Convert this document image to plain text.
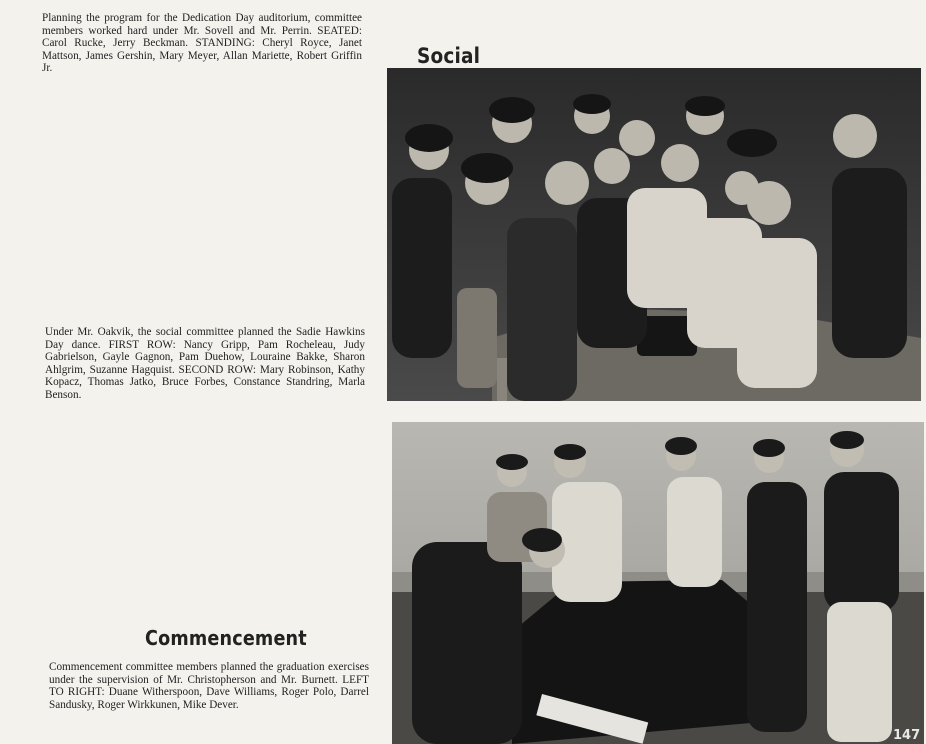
Planning the program for the Dedication Day auditorium, committee members worked hard under Mr. Sovell and Mr. Perrin. SEATED: Carol Rucke, Jerry Beckman. STANDING: Cheryl Royce, Janet Mattson, James Gershin, Mary Meyer, Allan Mariette, Robert Griffin Jr.

Social

Under Mr. Oakvik, the social committee planned the Sadie Hawkins Day dance. FIRST ROW: Nancy Gripp, Pam Rocheleau, Judy Gabrielson, Gayle Gagnon, Pam Duehow, Louraine Bakke, Sharon Ahlgrim, Suzanne Hagquist. SECOND ROW: Mary Robinson, Kathy Kopacz, Thomas Jatko, Bruce Forbes, Constance Standring, Marla Benson.

Commencement

Commencement committee members planned the graduation exercises under the supervision of Mr. Christopherson and Mr. Burnett. LEFT TO RIGHT: Duane Witherspoon, Dave Williams, Roger Polo, Darrel Sandusky, Roger Wirkkunen, Mike Dever.

147
